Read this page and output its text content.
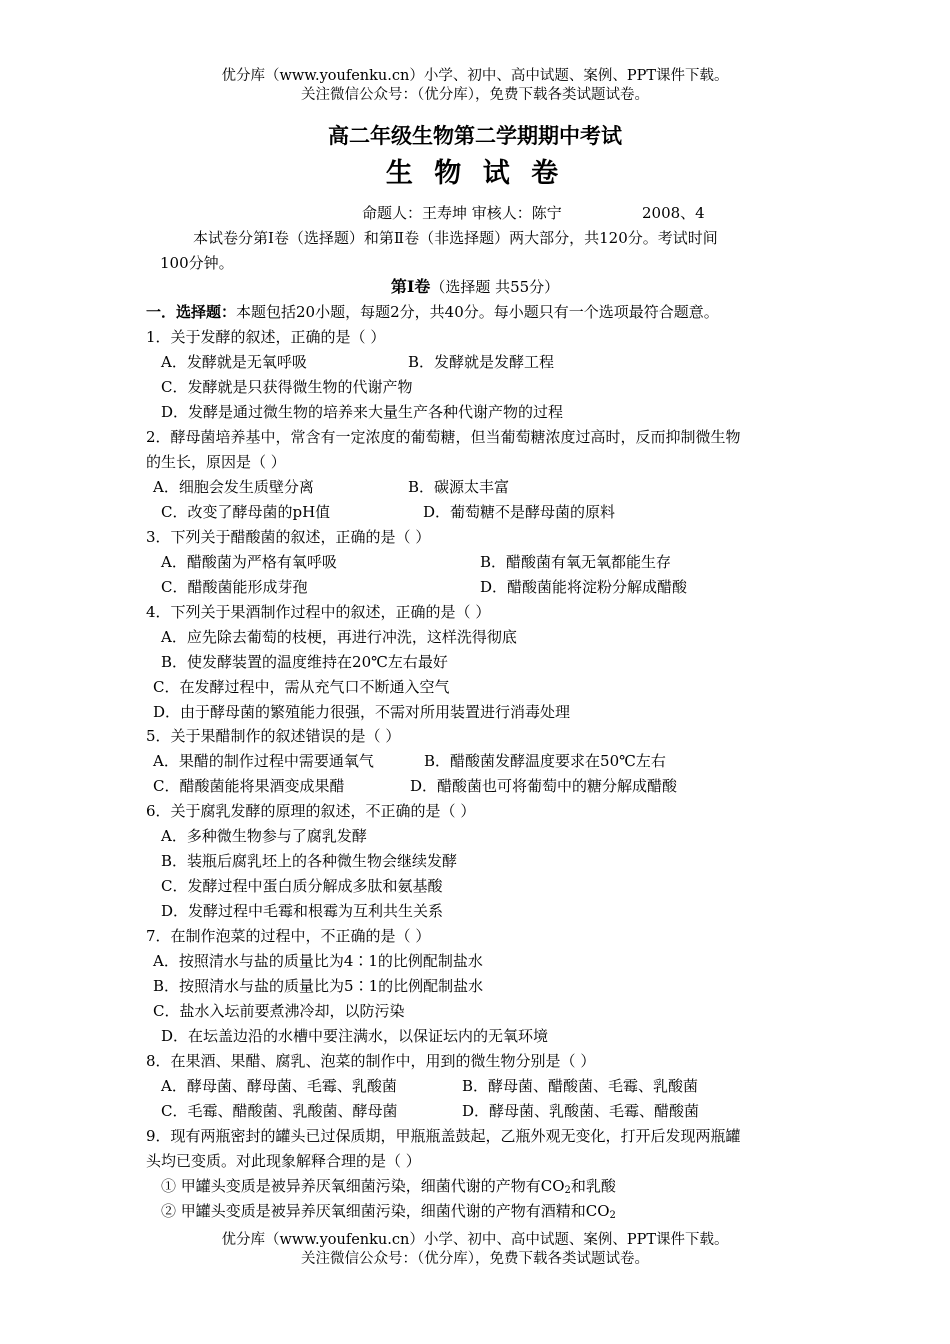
优分库（www.youfenku.cn）小学、初中、高中试题、案例、PPT课件下载。
关注微信公众号：（优分库），免费下载各类试题试卷。
高二年级生物第二学期期中考试
生 物 试 卷
命题人：王寿坤 审核人：陈宁	2008、4
本试卷分第Ⅰ卷（选择题）和第Ⅱ卷（非选择题）两大部分，共120分。考试时间
100分钟。
第Ⅰ卷（选择题 共55分）
一．选择题：本题包括20小题，每题2分，共40分。每小题只有一个选项最符合题意。
1．关于发酵的叙述，正确的是（ ）
A．发酵就是无氧呼吸	B．发酵就是发酵工程
C．发酵就是只获得微生物的代谢产物
D．发酵是通过微生物的培养来大量生产各种代谢产物的过程
2．酵母菌培养基中，常含有一定浓度的葡萄糖，但当葡萄糖浓度过高时，反而抑制微生物
的生长，原因是（ ）
A．细胞会发生质壁分离	B．碳源太丰富
C．改变了酵母菌的pH值	D．葡萄糖不是酵母菌的原料
3．下列关于醋酸菌的叙述，正确的是（ ）
A．醋酸菌为严格有氧呼吸	B．醋酸菌有氧无氧都能生存
C．醋酸菌能形成芽孢	D．醋酸菌能将淀粉分解成醋酸
4．下列关于果酒制作过程中的叙述，正确的是（ ）
A．应先除去葡萄的枝梗，再进行冲洗，这样洗得彻底
B．使发酵装置的温度维持在20℃左右最好
C．在发酵过程中，需从充气口不断通入空气
D．由于酵母菌的繁殖能力很强，不需对所用装置进行消毒处理
5．关于果醋制作的叙述错误的是（ ）
A．果醋的制作过程中需要通氧气	B．醋酸菌发酵温度要求在50℃左右
C．醋酸菌能将果酒变成果醋	D．醋酸菌也可将葡萄中的糖分解成醋酸
6．关于腐乳发酵的原理的叙述，不正确的是（ ）
A．多种微生物参与了腐乳发酵
B．装瓶后腐乳坯上的各种微生物会继续发酵
C．发酵过程中蛋白质分解成多肽和氨基酸
D．发酵过程中毛霉和根霉为互利共生关系
7．在制作泡菜的过程中，不正确的是（ ）
A．按照清水与盐的质量比为4∶1的比例配制盐水
B．按照清水与盐的质量比为5∶1的比例配制盐水
C．盐水入坛前要煮沸冷却，以防污染
D．在坛盖边沿的水槽中要注满水，以保证坛内的无氧环境
8．在果酒、果醋、腐乳、泡菜的制作中，用到的微生物分别是（ ）
A．酵母菌、酵母菌、毛霉、乳酸菌	B．酵母菌、醋酸菌、毛霉、乳酸菌
C．毛霉、醋酸菌、乳酸菌、酵母菌	D．酵母菌、乳酸菌、毛霉、醋酸菌
9．现有两瓶密封的罐头已过保质期，甲瓶瓶盖鼓起，乙瓶外观无变化，打开后发现两瓶罐
头均已变质。对此现象解释合理的是（ ）
① 甲罐头变质是被异养厌氧细菌污染，细菌代谢的产物有$CO_2$和乳酸
② 甲罐头变质是被异养厌氧细菌污染，细菌代谢的产物有酒精和$CO_2$
优分库（www.youfenku.cn）小学、初中、高中试题、案例、PPT课件下载。
关注微信公众号：（优分库），免费下载各类试题试卷。
